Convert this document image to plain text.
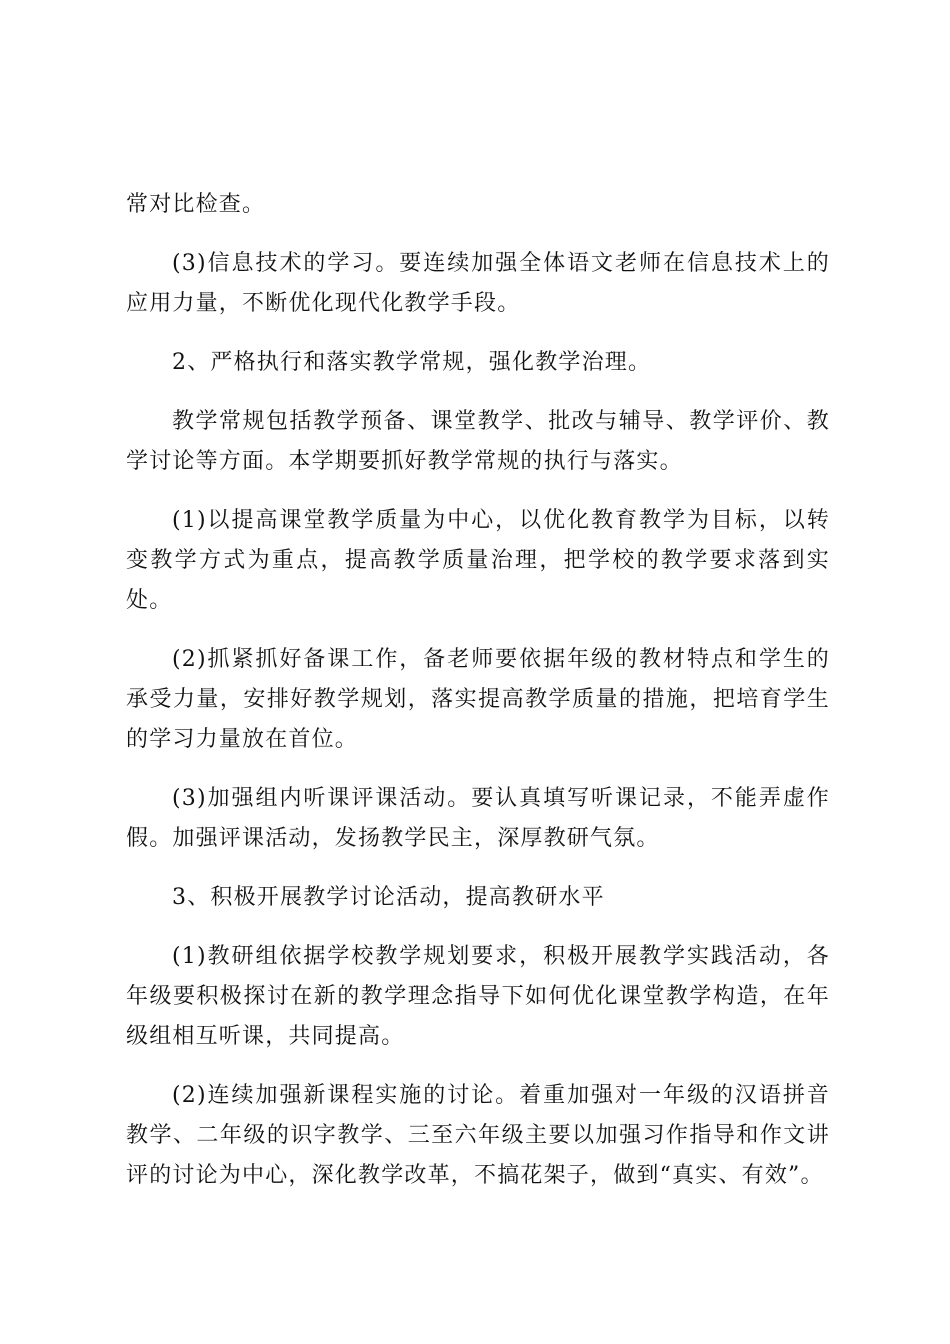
常对比检查。

(3)信息技术的学习。要连续加强全体语文老师在信息技术上的应用力量，不断优化现代化教学手段。

2、严格执行和落实教学常规，强化教学治理。

教学常规包括教学预备、课堂教学、批改与辅导、教学评价、教学讨论等方面。本学期要抓好教学常规的执行与落实。

(1)以提高课堂教学质量为中心，以优化教育教学为目标，以转变教学方式为重点，提高教学质量治理，把学校的教学要求落到实处。

(2)抓紧抓好备课工作，备老师要依据年级的教材特点和学生的承受力量，安排好教学规划，落实提高教学质量的措施，把培育学生的学习力量放在首位。

(3)加强组内听课评课活动。要认真填写听课记录，不能弄虚作假。加强评课活动，发扬教学民主，深厚教研气氛。

3、积极开展教学讨论活动，提高教研水平

(1)教研组依据学校教学规划要求，积极开展教学实践活动，各年级要积极探讨在新的教学理念指导下如何优化课堂教学构造，在年级组相互听课，共同提高。

(2)连续加强新课程实施的讨论。着重加强对一年级的汉语拼音教学、二年级的识字教学、三至六年级主要以加强习作指导和作文讲评的讨论为中心，深化教学改革，不搞花架子，做到“真实、有效”。
